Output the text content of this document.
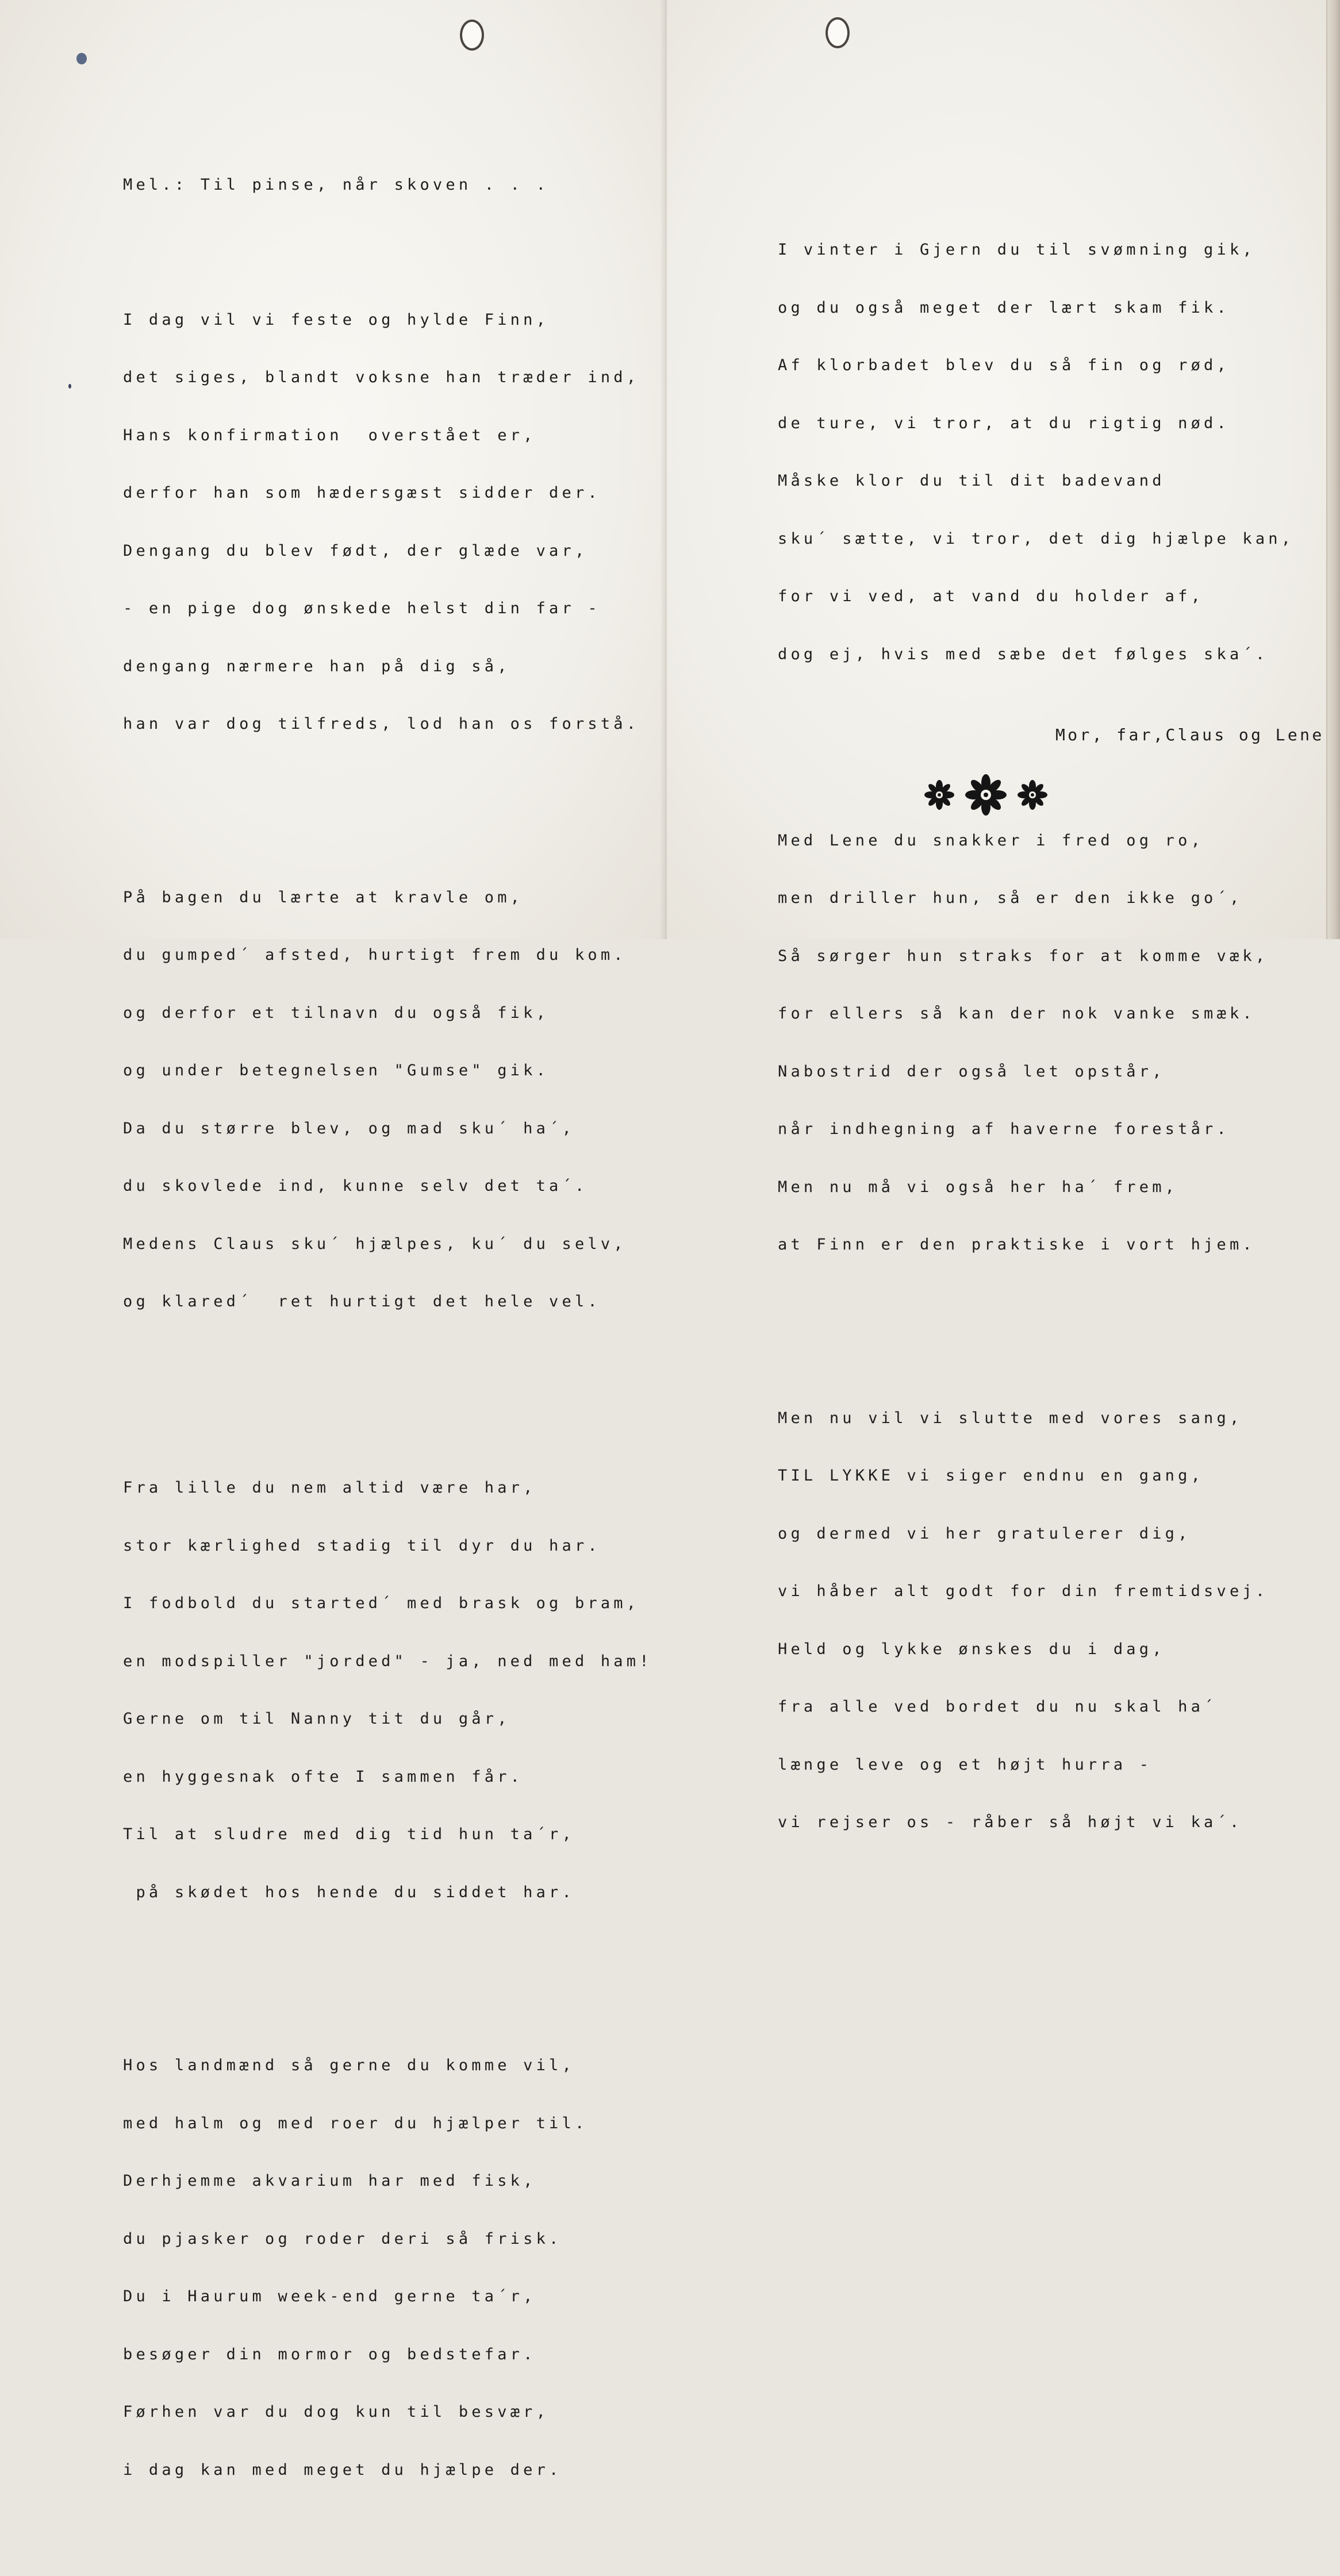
Mel.: Til pinse, når skoven . . .

I dag vil vi feste og hylde Finn,

det siges, blandt voksne han træder ind,

Hans konfirmation  overstået er,

derfor han som hædersgæst sidder der.

Dengang du blev født, der glæde var,

- en pige dog ønskede helst din far -

dengang nærmere han på dig så,

han var dog tilfreds, lod han os forstå.

På bagen du lærte at kravle om,

du gumped´ afsted, hurtigt frem du kom.

og derfor et tilnavn du også fik,

og under betegnelsen "Gumse" gik.

Da du større blev, og mad sku´ ha´,

du skovlede ind, kunne selv det ta´.

Medens Claus sku´ hjælpes, ku´ du selv,

og klared´  ret hurtigt det hele vel.

Fra lille du nem altid være har,

stor kærlighed stadig til dyr du har.

I fodbold du started´ med brask og bram,

en modspiller "jorded" - ja, ned med ham!

Gerne om til Nanny tit du går,

en hyggesnak ofte I sammen får.

Til at sludre med dig tid hun ta´r,

på skødet hos hende du siddet har.

Hos landmænd så gerne du komme vil,

med halm og med roer du hjælper til.

Derhjemme akvarium har med fisk,

du pjasker og roder deri så frisk.

Du i Haurum week-end gerne ta´r,

besøger din mormor og bedstefar.

Førhen var du dog kun til besvær,

i dag kan med meget du hjælpe der.

I vinter i Gjern du til svømning gik,

og du også meget der lært skam fik.

Af klorbadet blev du så fin og rød,

de ture, vi tror, at du rigtig nød.

Måske klor du til dit badevand

sku´ sætte, vi tror, det dig hjælpe kan,

for vi ved, at vand du holder af,

dog ej, hvis med sæbe det følges ska´.

Med Lene du snakker i fred og ro,

men driller hun, så er den ikke go´,

Så sørger hun straks for at komme væk,

for ellers så kan der nok vanke smæk.

Nabostrid der også let opstår,

når indhegning af haverne forestår.

Men nu må vi også her ha´ frem,

at Finn er den praktiske i vort hjem.

Men nu vil vi slutte med vores sang,

TIL LYKKE vi siger endnu en gang,

og dermed vi her gratulerer dig,

vi håber alt godt for din fremtidsvej.

Held og lykke ønskes du i dag,

fra alle ved bordet du nu skal ha´

længe leve og et højt hurra -

vi rejser os - råber så højt vi ka´.

Mor, far,Claus og Lene
